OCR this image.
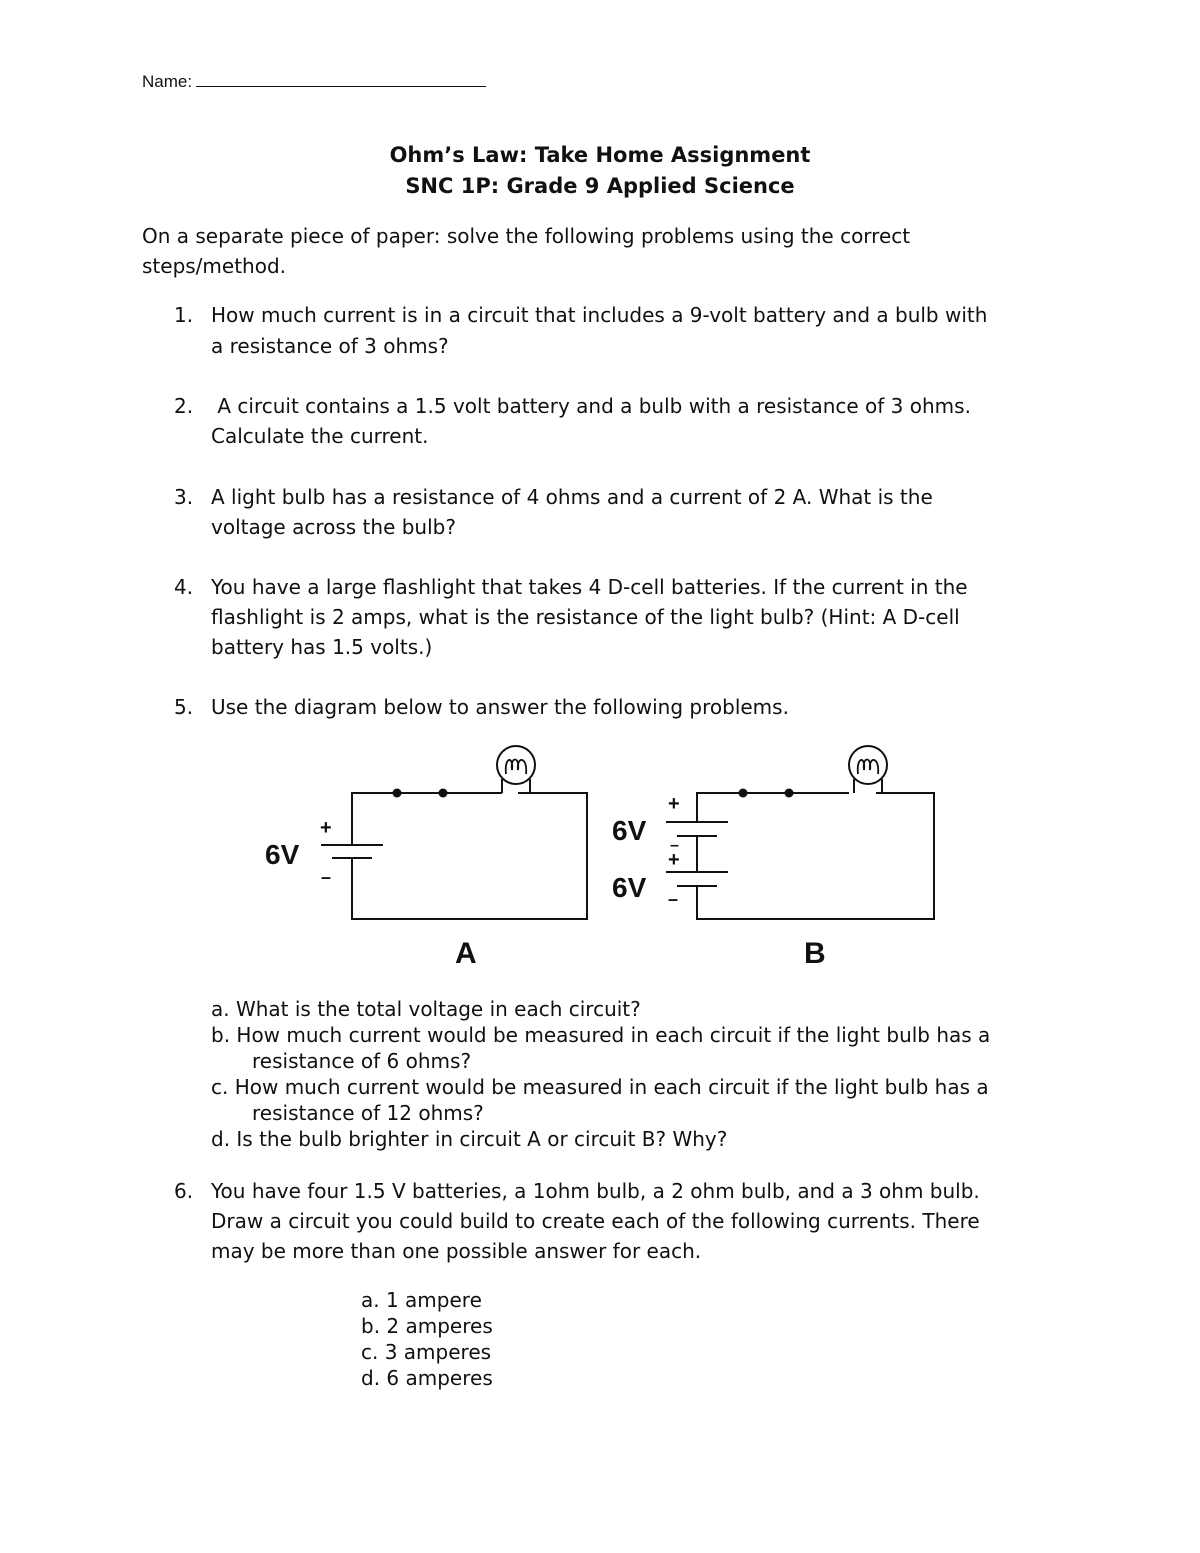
Name:
Ohm’s Law: Take Home Assignment
SNC 1P: Grade 9 Applied Science
On a separate piece of paper: solve the following problems using the correct
steps/method.
1. How much current is in a circuit that includes a 9-volt battery and a bulb with
a resistance of 3 ohms?
2. A circuit contains a 1.5 volt battery and a bulb with a resistance of 3 ohms.
Calculate the current.
3. A light bulb has a resistance of 4 ohms and a current of 2 A. What is the
voltage across the bulb?
4. You have a large flashlight that takes 4 D-cell batteries. If the current in the
flashlight is 2 amps, what is the resistance of the light bulb? (Hint: A D-cell
battery has 1.5 volts.)
5. Use the diagram below to answer the following problems.
6V
+
–
A
6V
6V
+
+
–
–
B
a. What is the total voltage in each circuit?
b. How much current would be measured in each circuit if the light bulb has a
resistance of 6 ohms?
c. How much current would be measured in each circuit if the light bulb has a
resistance of 12 ohms?
d. Is the bulb brighter in circuit A or circuit B? Why?
6. You have four 1.5 V batteries, a 1ohm bulb, a 2 ohm bulb, and a 3 ohm bulb.
Draw a circuit you could build to create each of the following currents. There
may be more than one possible answer for each.
a. 1 ampere
b. 2 amperes
c. 3 amperes
d. 6 amperes
